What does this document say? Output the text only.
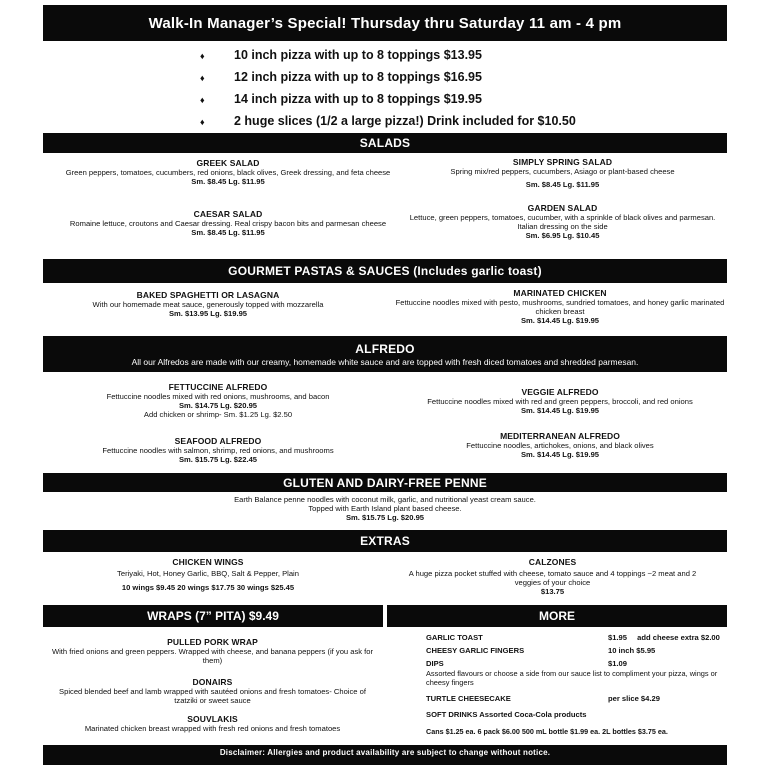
Walk-In Manager’s Special! Thursday thru Saturday 11 am - 4 pm
♦ 10 inch pizza with up to 8 toppings $13.95
♦ 12 inch pizza with up to 8 toppings $16.95
♦ 14 inch pizza with up to 8 toppings $19.95
♦ 2 huge slices (1/2 a large pizza!) Drink included for $10.50
SALADS
GREEK SALAD
Green peppers, tomatoes, cucumbers, red onions, black olives, Greek dressing, and feta cheese
Sm. $8.45 Lg. $11.95
CAESAR SALAD
Romaine lettuce, croutons and Caesar dressing. Real crispy bacon bits and parmesan cheese
Sm. $8.45 Lg. $11.95
SIMPLY SPRING SALAD
Spring mix/red peppers, cucumbers, Asiago or plant-based cheese
Sm. $8.45 Lg. $11.95
GARDEN SALAD
Lettuce, green peppers, tomatoes, cucumber, with a sprinkle of black olives and parmesan. Italian dressing on the side
Sm. $6.95 Lg. $10.45
GOURMET PASTAS & SAUCES (Includes garlic toast)
BAKED SPAGHETTI OR LASAGNA
With our homemade meat sauce, generously topped with mozzarella
Sm. $13.95 Lg. $19.95
MARINATED CHICKEN
Fettuccine noodles mixed with pesto, mushrooms, sundried tomatoes, and honey garlic marinated chicken breast
Sm. $14.45 Lg. $19.95
ALFREDO
All our Alfredos are made with our creamy, homemade white sauce and are topped with fresh diced tomatoes and shredded parmesan.
FETTUCCINE ALFREDO
Fettuccine noodles mixed with red onions, mushrooms, and bacon
Sm. $14.75 Lg. $20.95
Add chicken or shrimp- Sm. $1.25 Lg. $2.50
SEAFOOD ALFREDO
Fettuccine noodles with salmon, shrimp, red onions, and mushrooms
Sm. $15.75 Lg. $22.45
VEGGIE ALFREDO
Fettuccine noodles mixed with red and green peppers, broccoli, and red onions
Sm. $14.45 Lg. $19.95
MEDITERRANEAN ALFREDO
Fettuccine noodles, artichokes, onions, and black olives
Sm. $14.45 Lg. $19.95
GLUTEN AND DAIRY-FREE PENNE
Earth Balance penne noodles with coconut milk, garlic, and nutritional yeast cream sauce.
Topped with Earth Island plant based cheese.
Sm. $15.75 Lg. $20.95
EXTRAS
CHICKEN WINGS
Teriyaki, Hot, Honey Garlic, BBQ, Salt & Pepper, Plain
10 wings $9.45 20 wings $17.75 30 wings $25.45
CALZONES
A huge pizza pocket stuffed with cheese, tomato sauce and 4 toppings ~2 meat and 2 veggies of your choice
$13.75
WRAPS (7” PITA) $9.49	MORE
PULLED PORK WRAP
With fried onions and green peppers. Wrapped with cheese, and banana peppers (if you ask for them)
DONAIRS
Spiced blended beef and lamb wrapped with sautéed onions and fresh tomatoes- Choice of tzatziki or sweet sauce
SOUVLAKIS
Marinated chicken breast wrapped with fresh red onions and fresh tomatoes
GARLIC TOAST	$1.95 add cheese extra $2.00
CHEESY GARLIC FINGERS	10 inch $5.95
DIPS	$1.09
Assorted flavours or choose a side from our sauce list to compliment your pizza, wings or cheesy fingers
TURTLE CHEESECAKE	per slice $4.29
SOFT DRINKS Assorted Coca-Cola products
Cans $1.25 ea. 6 pack $6.00 500 mL bottle $1.99 ea. 2L bottles $3.75 ea.
Disclaimer: Allergies and product availability are subject to change without notice.
